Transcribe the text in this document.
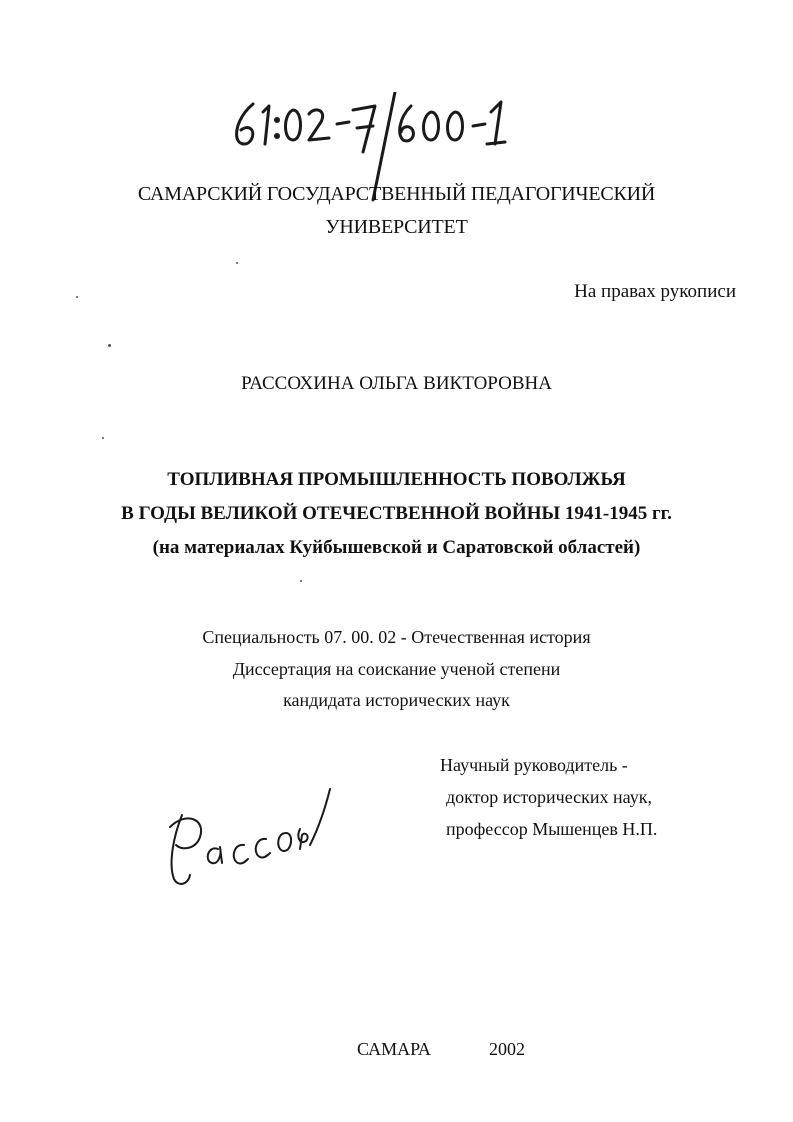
САМАРСКИЙ ГОСУДАРСТВЕННЫЙ ПЕДАГОГИЧЕСКИЙ
УНИВЕРСИТЕТ
На правах рукописи
РАССОХИНА ОЛЬГА ВИКТОРОВНА
ТОПЛИВНАЯ ПРОМЫШЛЕННОСТЬ ПОВОЛЖЬЯ
В ГОДЫ ВЕЛИКОЙ ОТЕЧЕСТВЕННОЙ ВОЙНЫ 1941-1945 гг.
(на материалах Куйбышевской и Саратовской областей)
Специальность 07. 00. 02 - Отечественная история
Диссертация на соискание ученой степени
кандидата исторических наук
Научный руководитель -
доктор исторических наук,
профессор Мышенцев Н.П.
САМАРА	2002
